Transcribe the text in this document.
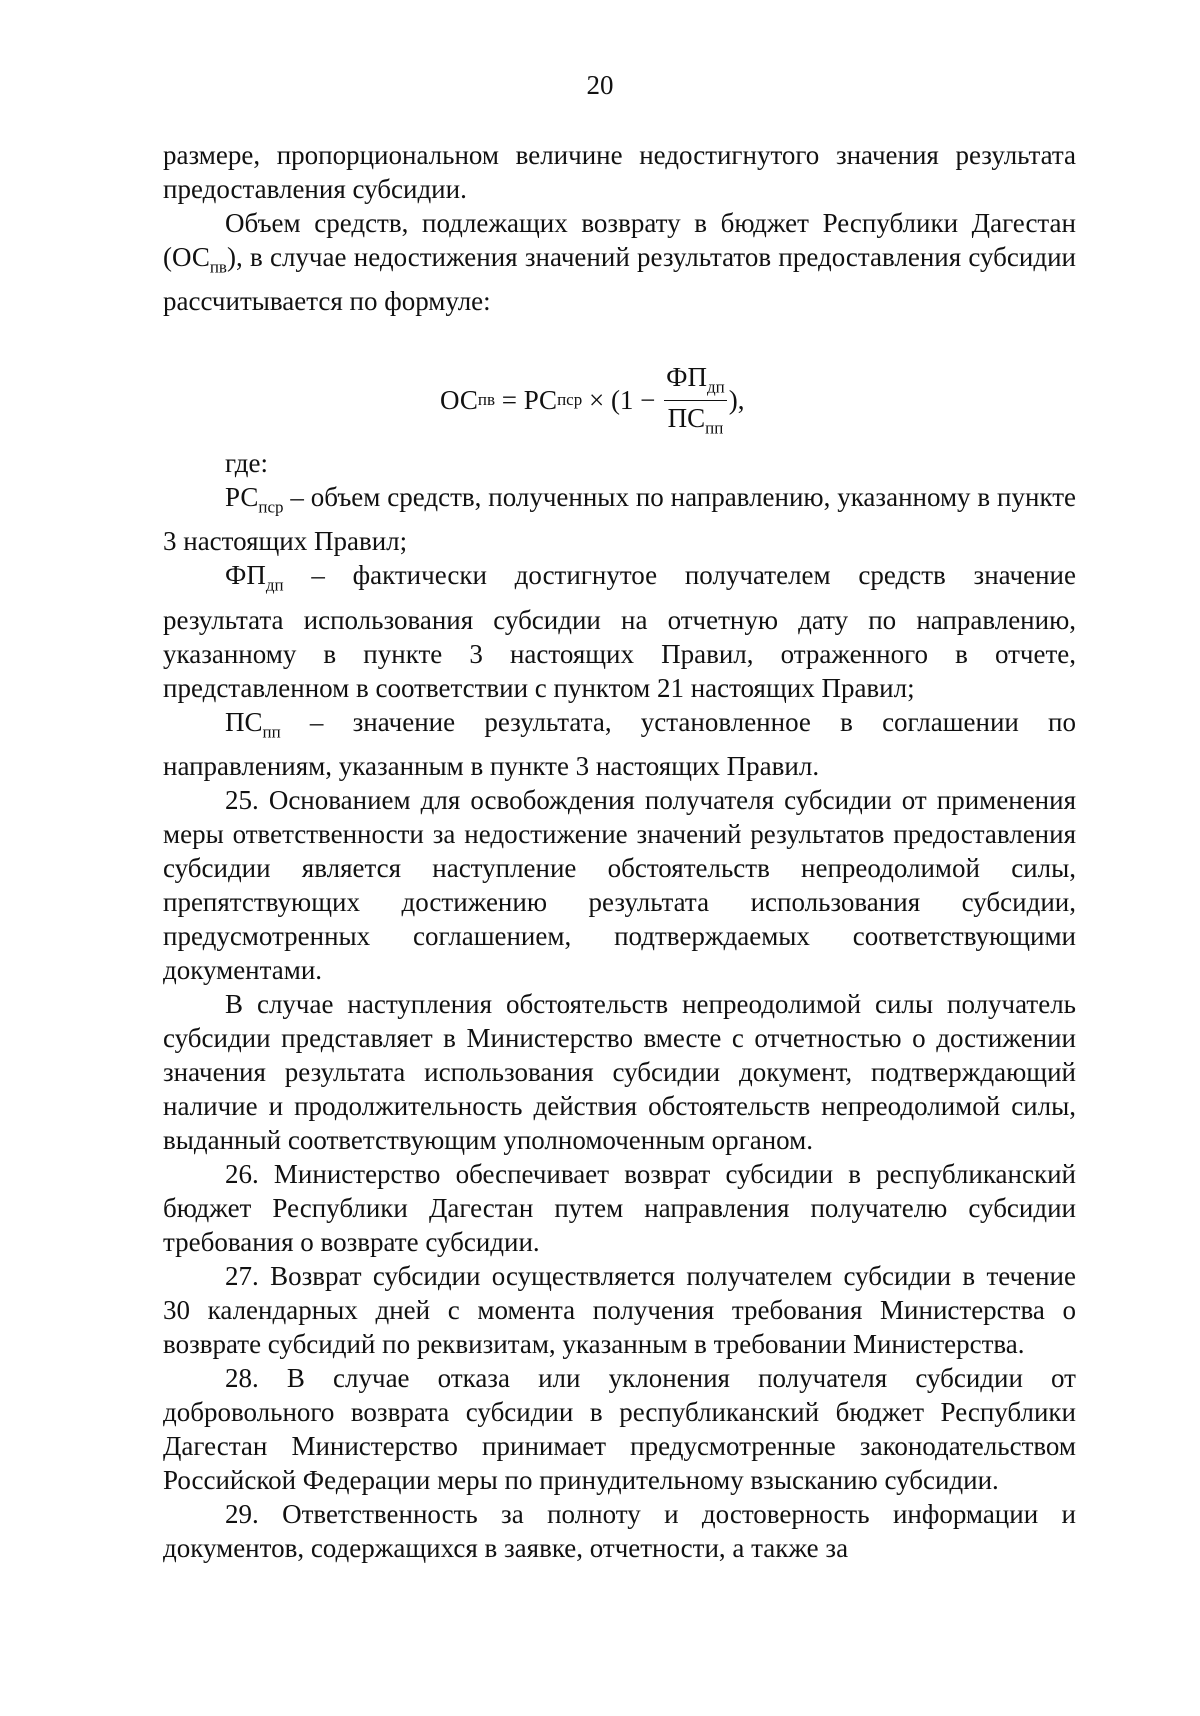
20

размере, пропорциональном величине недостигнутого значения результата предоставления субсидии.

Объем средств, подлежащих возврату в бюджет Республики Дагестан $(ОС_{пв})$, в случае недостижения значений результатов предоставления субсидии рассчитывается по формуле:

ОС пв = РС пср × ($1 - \frac{ФП_{дп}}{ПС_{пп}}$ ),

где:

$РС_{пср}$ – объем средств, полученных по направлению, указанному в пункте 3 настоящих Правил;

$ФП_{дп}$ – фактически достигнутое получателем средств значение результата использования субсидии на отчетную дату по направлению, указанному в пункте 3 настоящих Правил, отраженного в отчете, представленном в соответствии с пунктом 21 настоящих Правил;

$ПС_{пп}$ – значение результата, установленное в соглашении по направлениям, указанным в пункте 3 настоящих Правил.

25. Основанием для освобождения получателя субсидии от применения меры ответственности за недостижение значений результатов предоставления субсидии является наступление обстоятельств непреодолимой силы, препятствующих достижению результата использования субсидии, предусмотренных соглашением, подтверждаемых соответствующими документами.

В случае наступления обстоятельств непреодолимой силы получатель субсидии представляет в Министерство вместе с отчетностью о достижении значения результата использования субсидии документ, подтверждающий наличие и продолжительность действия обстоятельств непреодолимой силы, выданный соответствующим уполномоченным органом.

26. Министерство обеспечивает возврат субсидии в республиканский бюджет Республики Дагестан путем направления получателю субсидии требования о возврате субсидии.

27. Возврат субсидии осуществляется получателем субсидии в течение 30 календарных дней с момента получения требования Министерства о возврате субсидий по реквизитам, указанным в требовании Министерства.

28. В случае отказа или уклонения получателя субсидии от добровольного возврата субсидии в республиканский бюджет Республики Дагестан Министерство принимает предусмотренные законодательством Российской Федерации меры по принудительному взысканию субсидии.

29. Ответственность за полноту и достоверность информации и документов, содержащихся в заявке, отчетности, а также за
